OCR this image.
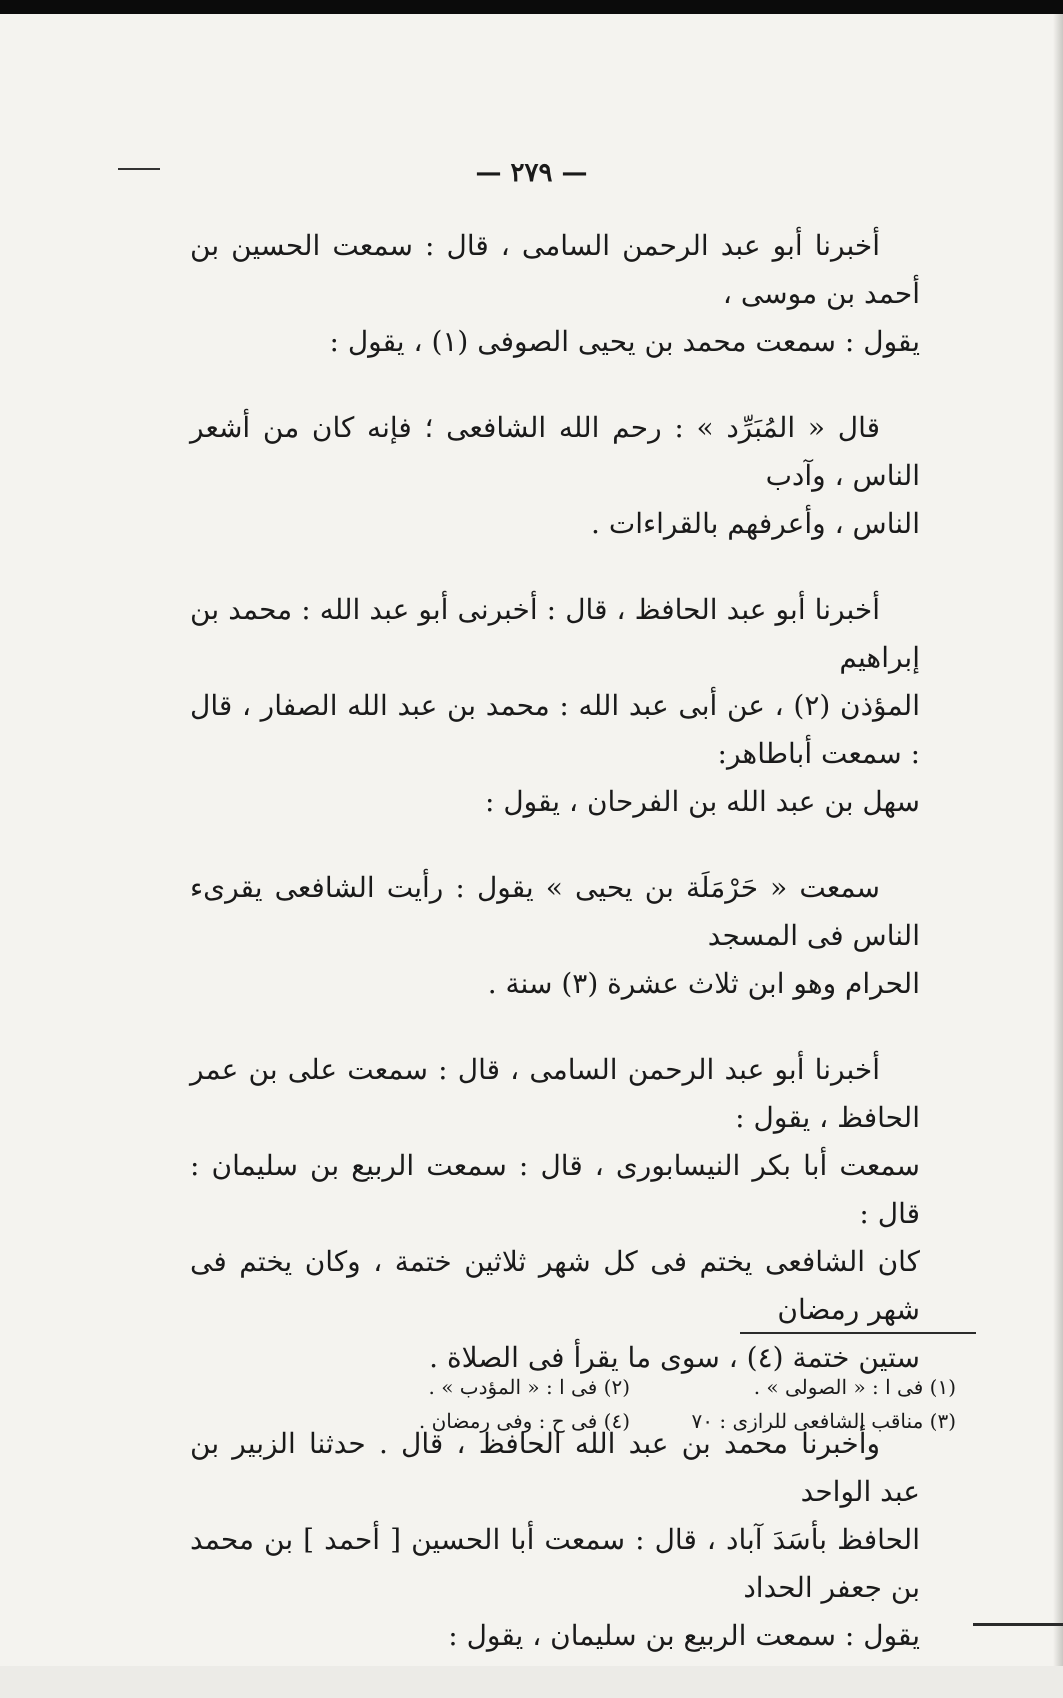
— ٢٧٩ —

أخبرنا أبو عبد الرحمن السامى ، قال : سمعت الحسين بن أحمد بن موسى ،

يقول : سمعت محمد بن يحيى الصوفى (١) ، يقول :

قال « المُبَرِّد » : رحم الله الشافعى ؛ فإنه كان من أشعر الناس ، وآدب

الناس ، وأعرفهم بالقراءات .

أخبرنا أبو عبد الحافظ ، قال : أخبرنى أبو عبد الله : محمد بن إبراهيم

المؤذن (٢) ، عن أبى عبد الله : محمد بن عبد الله الصفار ، قال : سمعت أباطاهر:

سهل بن عبد الله بن الفرحان ، يقول :

سمعت « حَرْمَلَة بن يحيى » يقول : رأيت الشافعى يقرىء الناس فى المسجد

الحرام وهو ابن ثلاث عشرة (٣) سنة .

أخبرنا أبو عبد الرحمن السامى ، قال : سمعت على بن عمر الحافظ ، يقول :

سمعت أبا بكر النيسابورى ، قال : سمعت الربيع بن سليمان : قال :

كان الشافعى يختم فى كل شهر ثلاثين ختمة ، وكان يختم فى شهر رمضان

ستين ختمة (٤) ، سوى ما يقرأ فى الصلاة .

وأخبرنا محمد بن عبد الله الحافظ ، قال . حدثنا الزبير بن عبد الواحد

الحافظ بأسَدَ آباد ، قال : سمعت أبا الحسين [ أحمد ] بن محمد بن جعفر الحداد

يقول : سمعت الربيع بن سليمان ، يقول :

(١) فى ا : « الصولى » .
(٢) فى ا : « المؤدب » .
(٣) مناقب الشافعى للرازى : ٧٠
(٤) فى ح : وفى رمضان .
